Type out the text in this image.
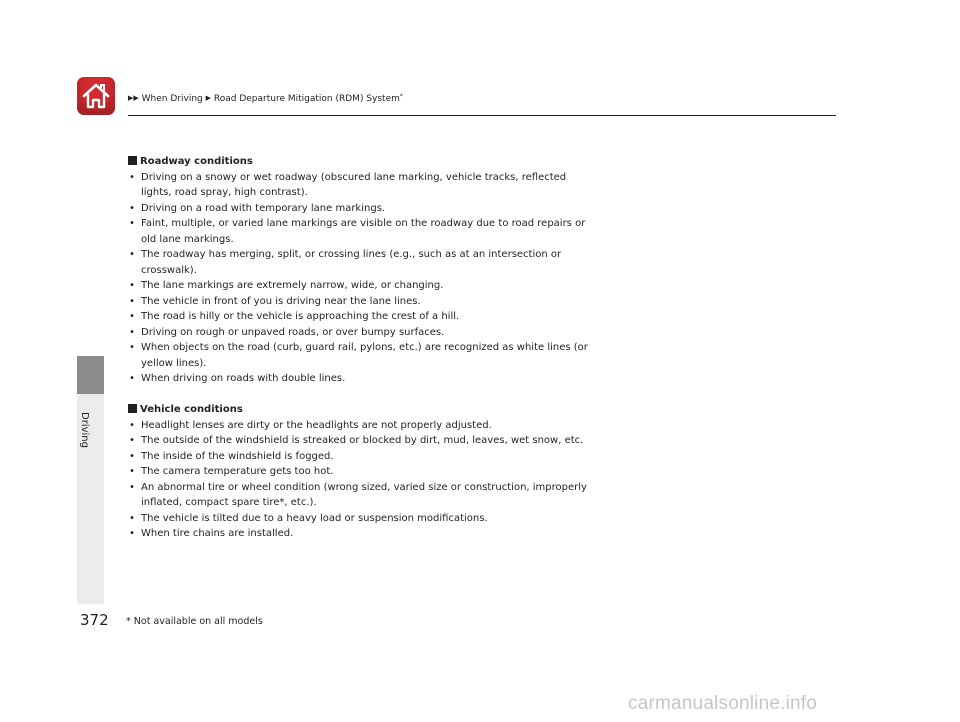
▶▶ When Driving ▶ Road Departure Mitigation (RDM) System*
Driving
Roadway conditions
• Driving on a snowy or wet roadway (obscured lane marking, vehicle tracks, reflected lights, road spray, high contrast).
• Driving on a road with temporary lane markings.
• Faint, multiple, or varied lane markings are visible on the roadway due to road repairs or old lane markings.
• The roadway has merging, split, or crossing lines (e.g., such as at an intersection or crosswalk).
• The lane markings are extremely narrow, wide, or changing.
• The vehicle in front of you is driving near the lane lines.
• The road is hilly or the vehicle is approaching the crest of a hill.
• Driving on rough or unpaved roads, or over bumpy surfaces.
• When objects on the road (curb, guard rail, pylons, etc.) are recognized as white lines (or yellow lines).
• When driving on roads with double lines.
Vehicle conditions
• Headlight lenses are dirty or the headlights are not properly adjusted.
• The outside of the windshield is streaked or blocked by dirt, mud, leaves, wet snow, etc.
• The inside of the windshield is fogged.
• The camera temperature gets too hot.
• An abnormal tire or wheel condition (wrong sized, varied size or construction, improperly inflated, compact spare tire*, etc.).
• The vehicle is tilted due to a heavy load or suspension modifications.
• When tire chains are installed.
372 * Not available on all models
carmanualsonline.info
